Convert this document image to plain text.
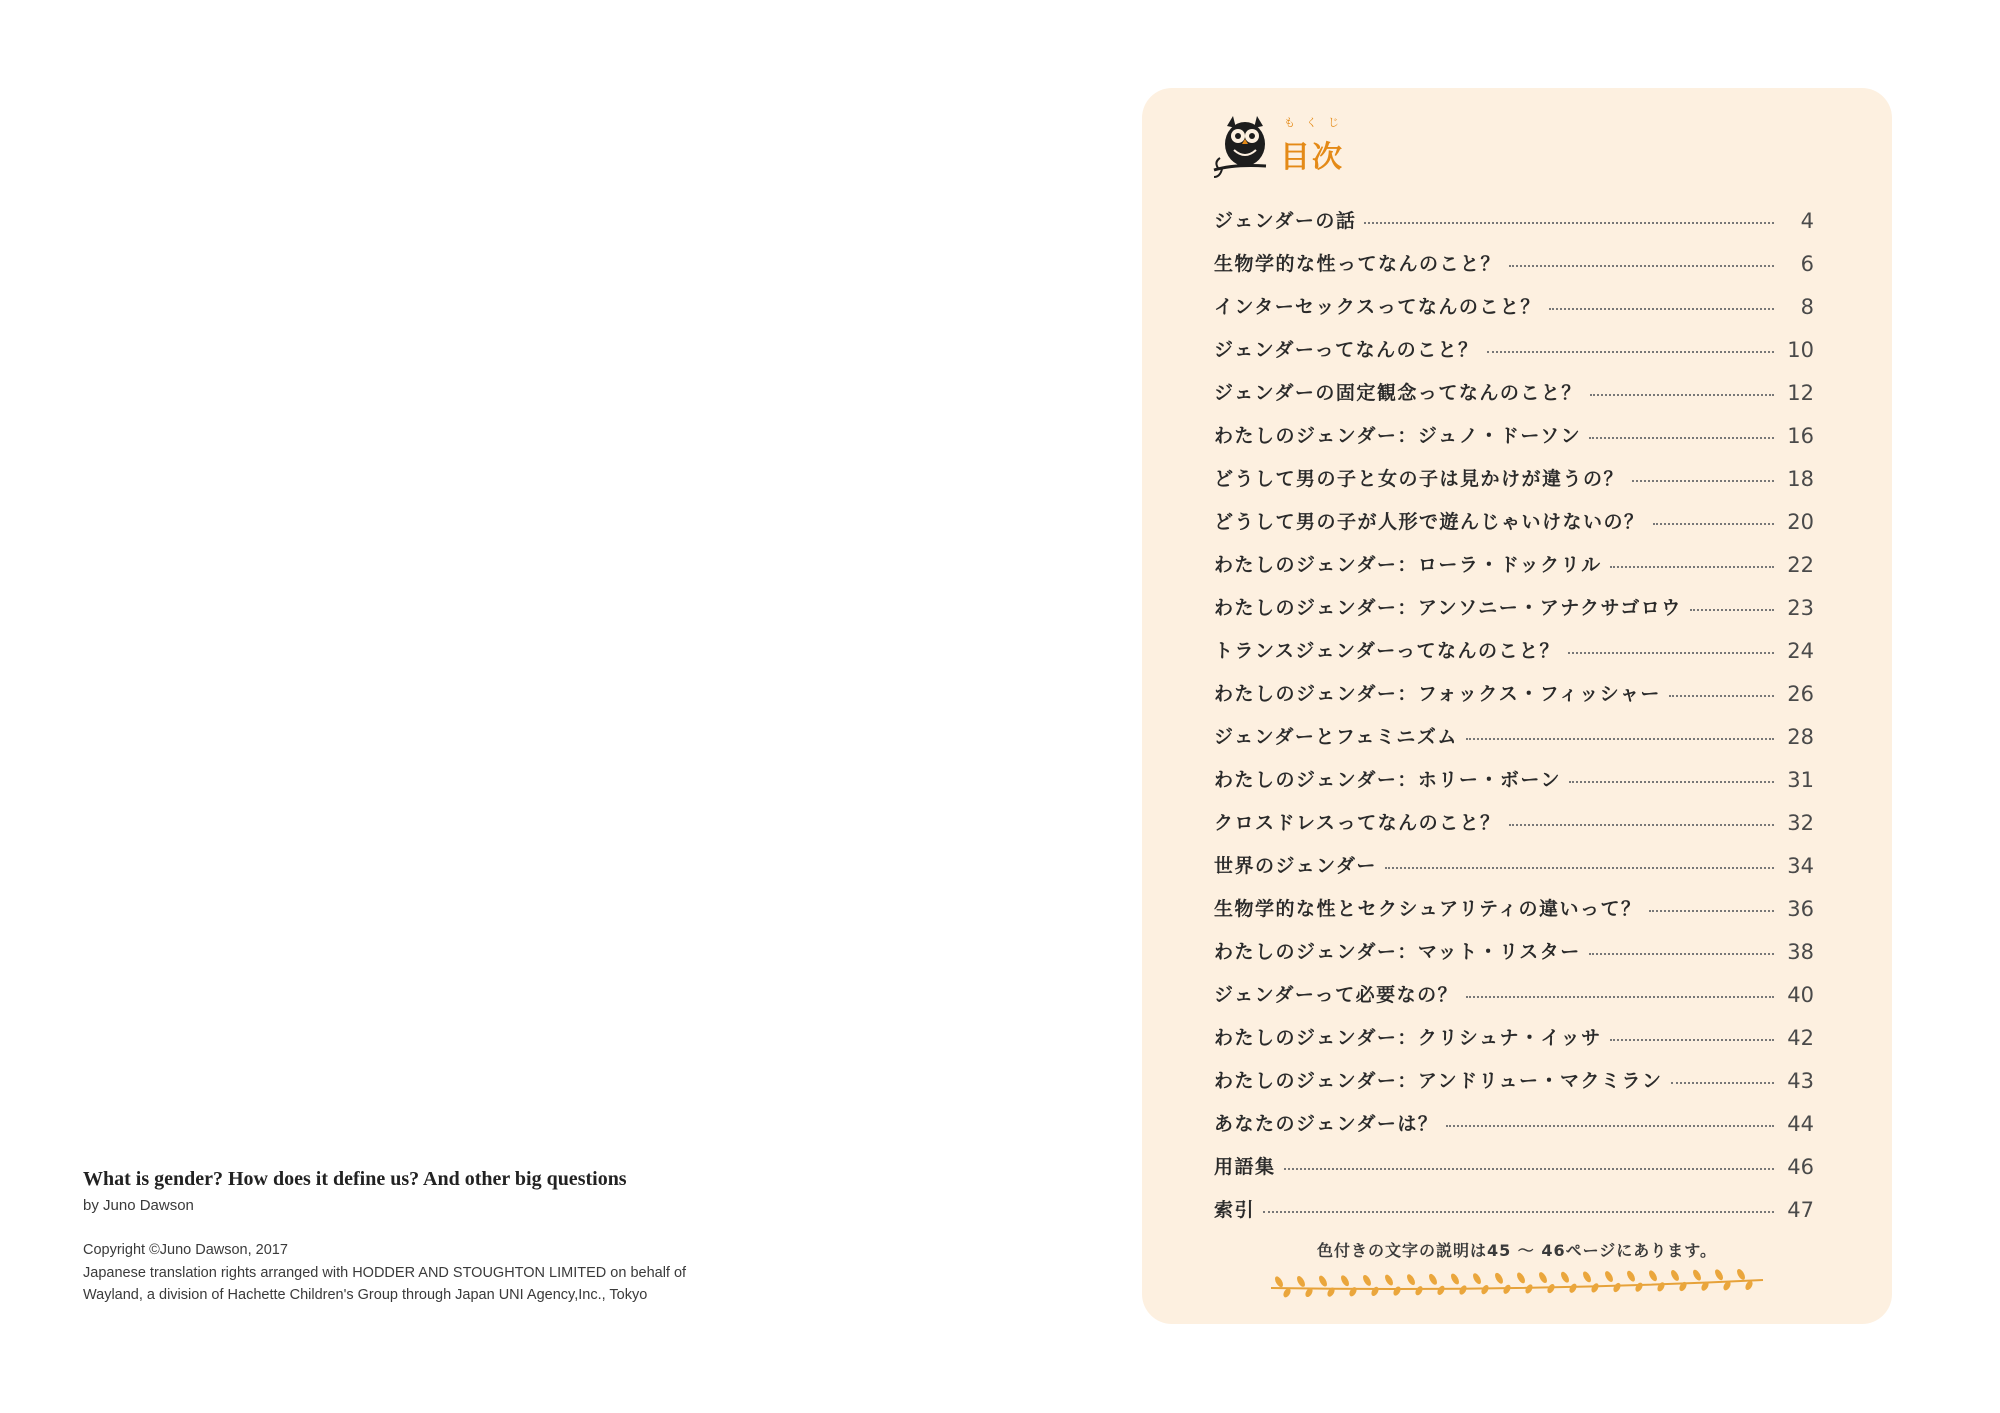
What is gender? How does it define us? And other big questions

by Juno Dawson
Copyright ©Juno Dawson, 2017
Japanese translation rights arranged with HODDER AND STOUGHTON LIMITED on behalf of Wayland, a division of Hachette Children's Group through Japan UNI Agency,Inc., Tokyo
もくじ
目次
ジェンダーの話	4
生物学的な性ってなんのこと？	6
インターセックスってなんのこと？	8
ジェンダーってなんのこと？	10
ジェンダーの固定観念ってなんのこと？	12
わたしのジェンダー：ジュノ・ドーソン	16
どうして男の子と女の子は見かけが違うの？	18
どうして男の子が人形で遊んじゃいけないの？	20
わたしのジェンダー：ローラ・ドックリル	22
わたしのジェンダー：アンソニー・アナクサゴロウ	23
トランスジェンダーってなんのこと？	24
わたしのジェンダー：フォックス・フィッシャー	26
ジェンダーとフェミニズム	28
わたしのジェンダー：ホリー・ボーン	31
クロスドレスってなんのこと？	32
世界のジェンダー	34
生物学的な性とセクシュアリティの違いって？	36
わたしのジェンダー：マット・リスター	38
ジェンダーって必要なの？	40
わたしのジェンダー：クリシュナ・イッサ	42
わたしのジェンダー：アンドリュー・マクミラン	43
あなたのジェンダーは？	44
用語集	46
索引	47
色付きの文字の説明は45 ～ 46ページにあります。
